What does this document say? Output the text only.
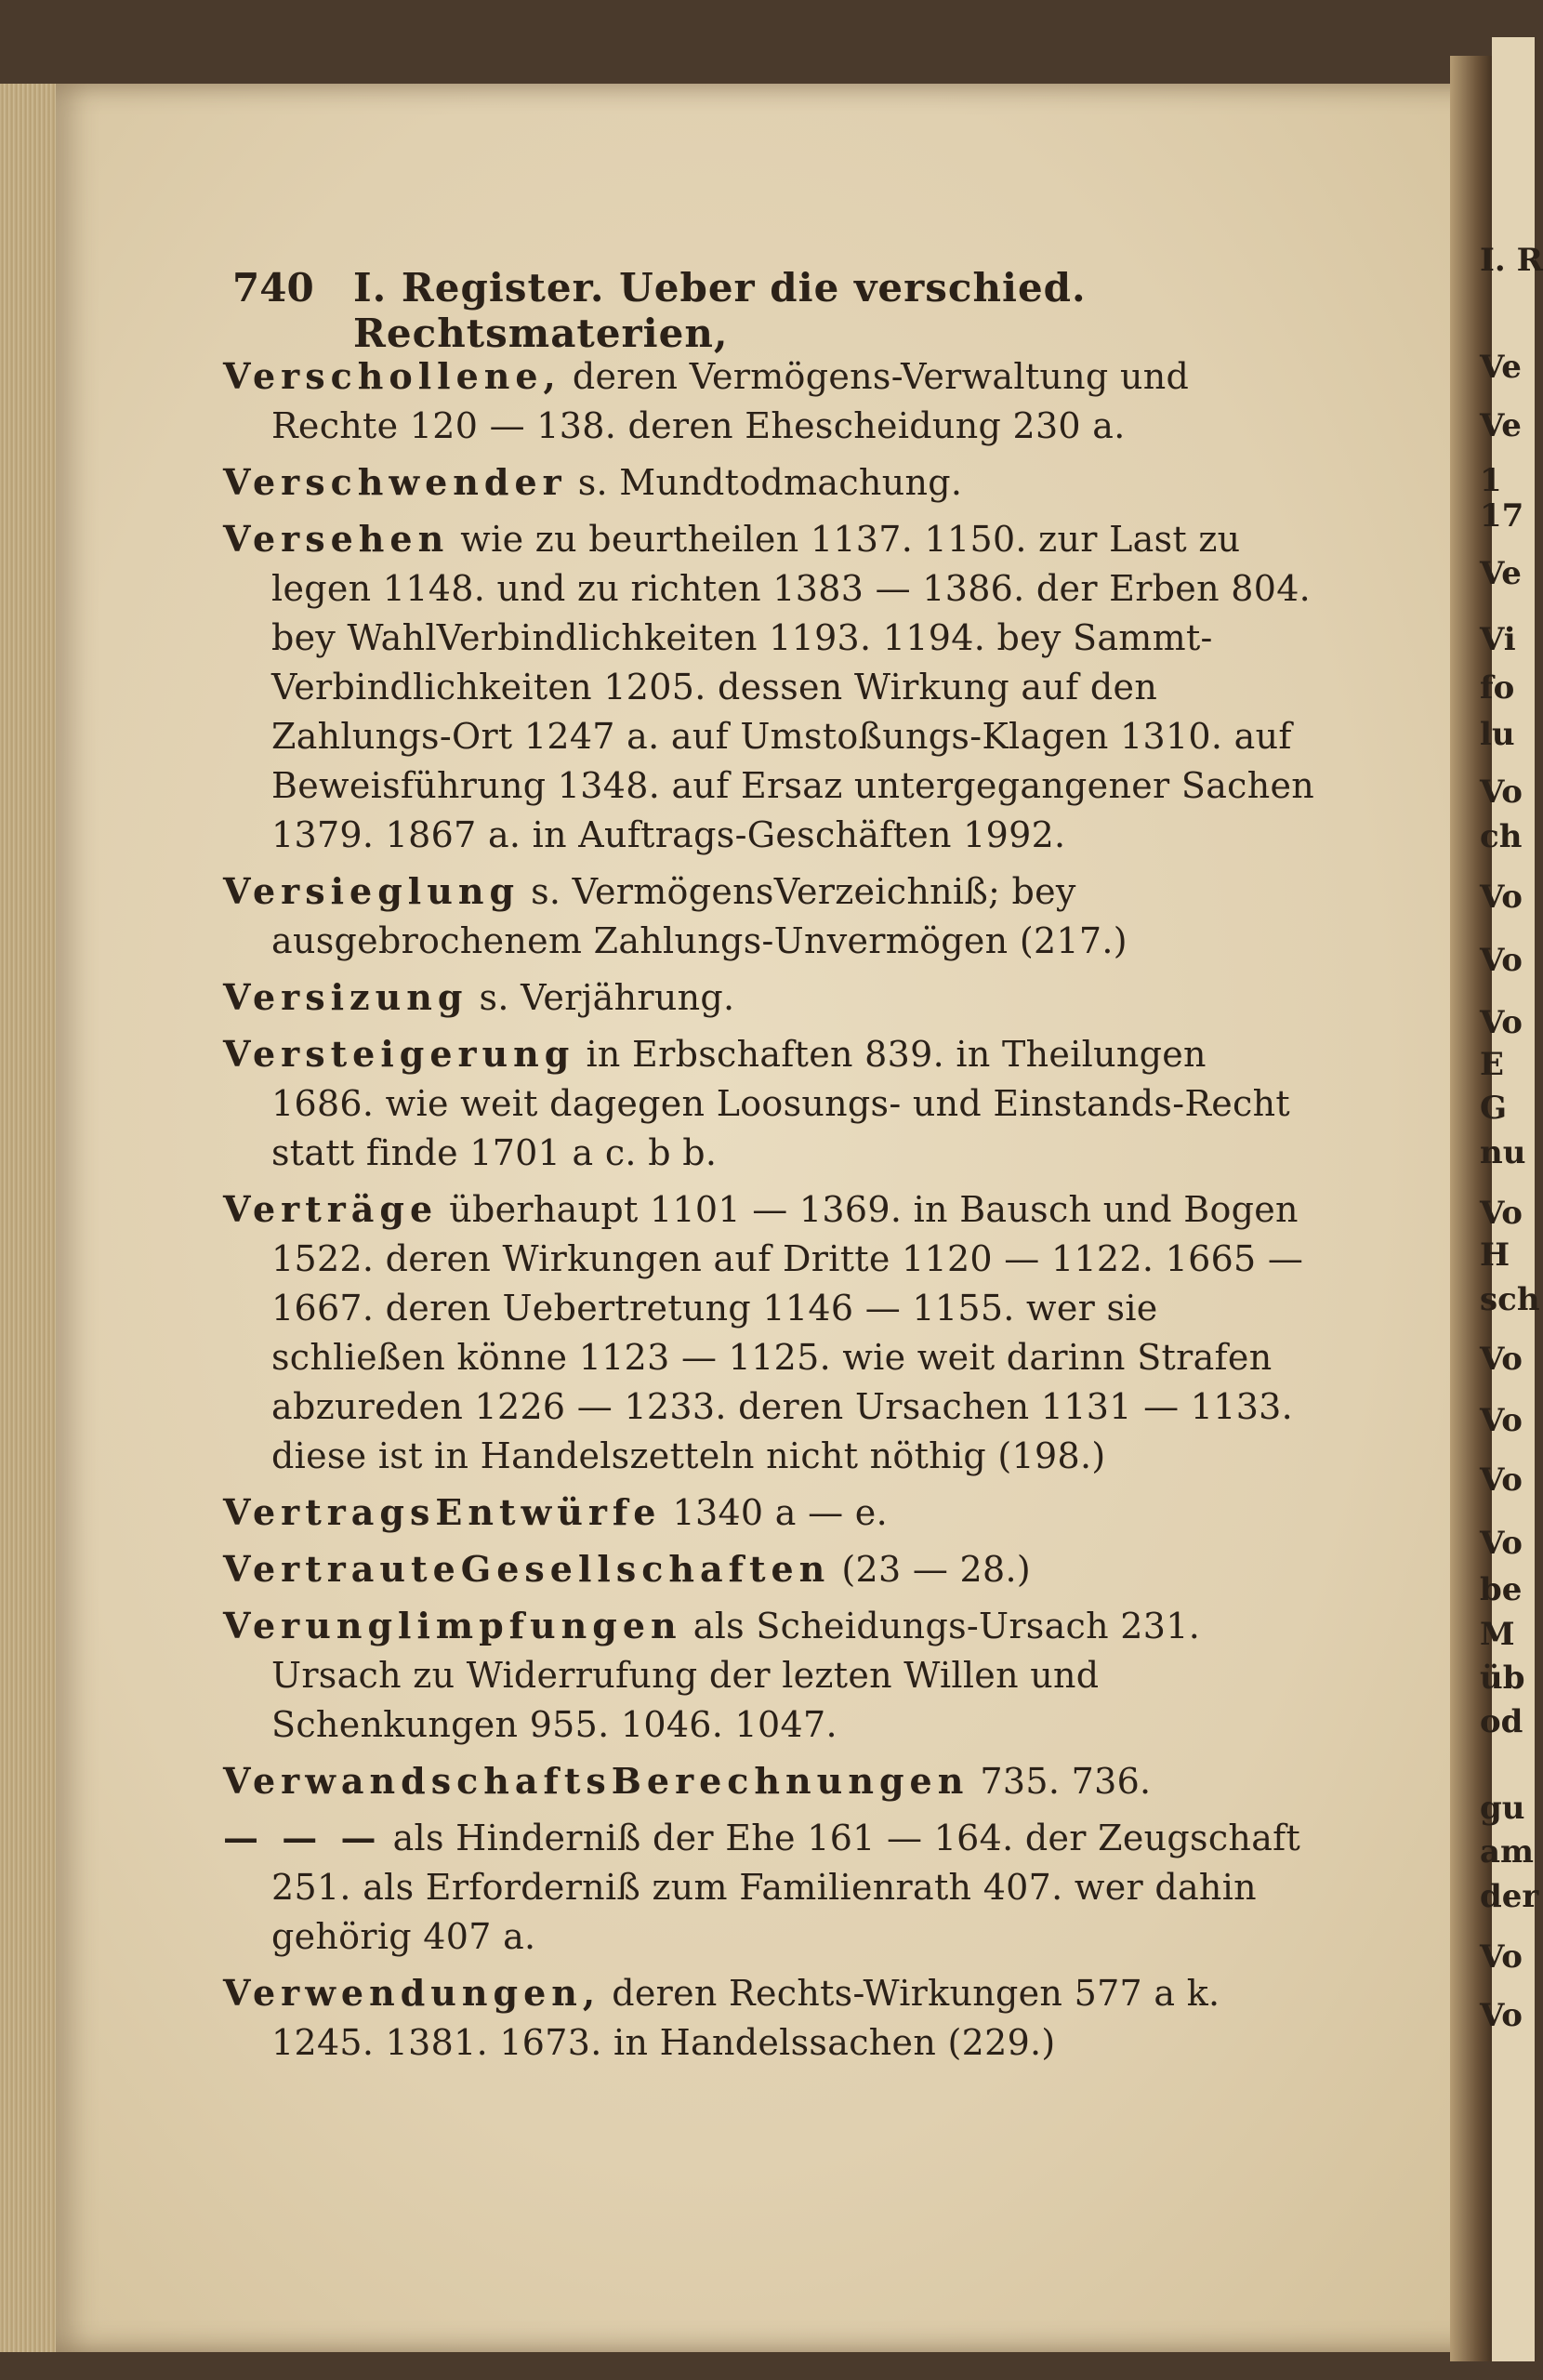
740 I. Register. Ueber die verschied. Rechtsmaterien,

Verschollene, deren Vermögens-Verwaltung und Rechte 120 — 138. deren Ehescheidung 230 a.

Verschwender s. Mundtodmachung.

Versehen wie zu beurtheilen 1137. 1150. zur Last zu legen 1148. und zu richten 1383 — 1386. der Erben 804. bey WahlVerbindlichkeiten 1193. 1194. bey Sammt-Verbindlichkeiten 1205. dessen Wirkung auf den Zahlungs-Ort 1247 a. auf Umstoßungs-Klagen 1310. auf Beweisführung 1348. auf Ersaz untergegangener Sachen 1379. 1867 a. in Auftrags-Geschäften 1992.

Versieglung s. VermögensVerzeichniß; bey ausgebrochenem Zahlungs-Unvermögen (217.)

Versizung s. Verjährung.

Versteigerung in Erbschaften 839. in Theilungen 1686. wie weit dagegen Loosungs- und Einstands-Recht statt finde 1701 a c. b b.

Verträge überhaupt 1101 — 1369. in Bausch und Bogen 1522. deren Wirkungen auf Dritte 1120 — 1122. 1665 — 1667. deren Uebertretung 1146 — 1155. wer sie schließen könne 1123 — 1125. wie weit darinn Strafen abzureden 1226 — 1233. deren Ursachen 1131 — 1133. diese ist in Handelszetteln nicht nöthig (198.)

VertragsEntwürfe 1340 a — e.

VertrauteGesellschaften (23 — 28.)

Verunglimpfungen als Scheidungs-Ursach 231. Ursach zu Widerrufung der lezten Willen und Schenkungen 955. 1046. 1047.

VerwandschaftsBerechnungen 735. 736.

— — — als Hinderniß der Ehe 161 — 164. der Zeugschaft 251. als Erforderniß zum Familienrath 407. wer dahin gehörig 407 a.

Verwendungen, deren Rechts-Wirkungen 577 a k. 1245. 1381. 1673. in Handelssachen (229.)

I. R
Ve
Ve
1
17
Ve
Vi
fo
lu
Vo
ch
Vo
Vo
Vo
E
G
nu
Vo
H
sch
Vo
Vo
Vo
Vo
be
M
üb
od
gu
am
der
Vo
Vo
